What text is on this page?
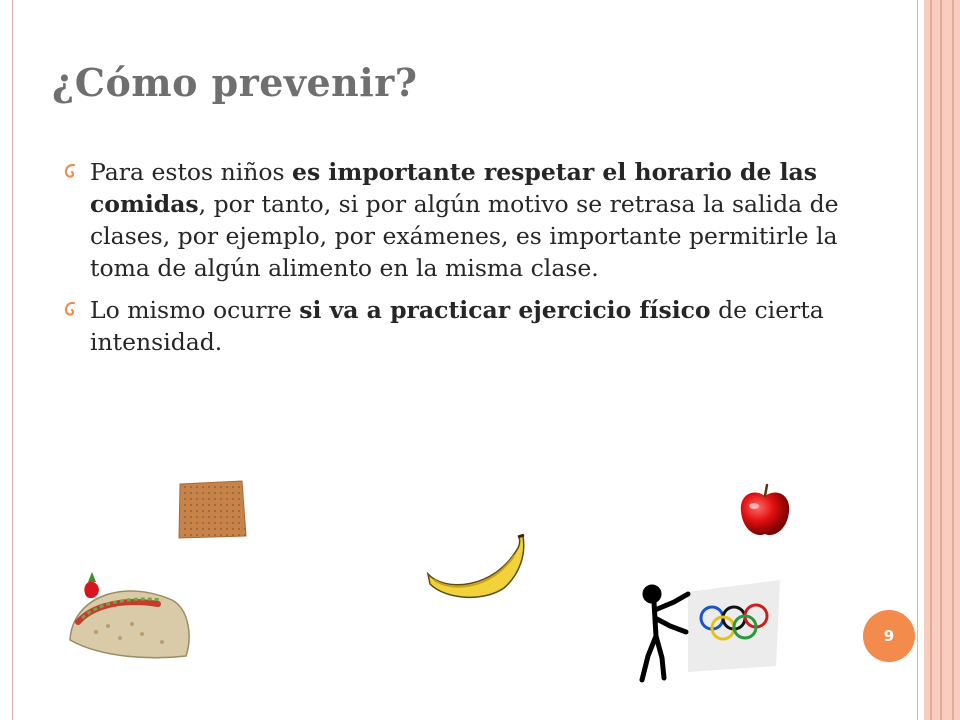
¿Cómo prevenir?
Para estos niños es importante respetar el horario de las comidas, por tanto, si por algún motivo se retrasa la salida de clases, por ejemplo, por exámenes, es importante permitirle la toma de algún alimento en la misma clase.
Lo mismo ocurre si va a practicar ejercicio físico de cierta intensidad.
9
